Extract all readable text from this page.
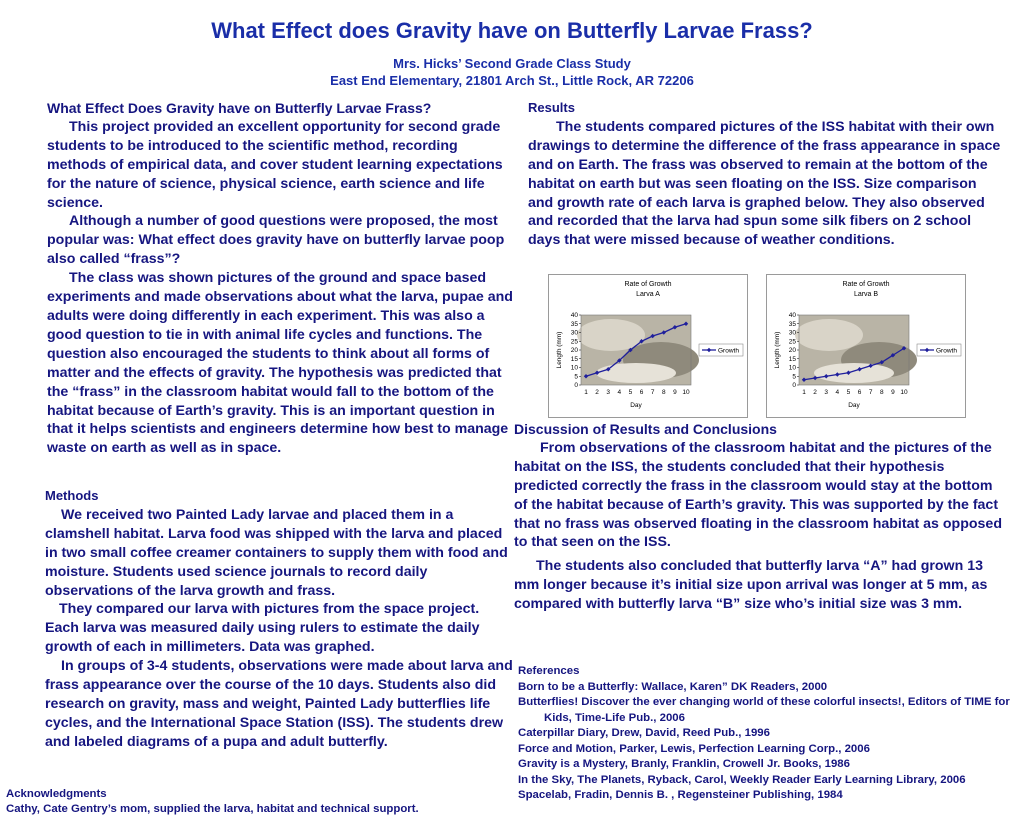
What Effect does Gravity have on Butterfly Larvae Frass?
Mrs. Hicks’ Second Grade Class Study
East End Elementary, 21801 Arch St., Little Rock, AR 72206

What Effect Does Gravity have on Butterfly Larvae Frass?

This project provided an excellent opportunity for second grade students to be introduced to the scientific method, recording methods of empirical data, and cover student learning expectations for the nature of science, physical science, earth science and life science.

Although a number of good questions were proposed, the most popular was: What effect does gravity have on butterfly larvae poop also called “frass”?

The class was shown pictures of the ground and space based experiments and made observations about what the larva, pupae and adults were doing differently in each experiment. This was also a good question to tie in with animal life cycles and functions. The question also encouraged the students to think about all forms of matter and the effects of gravity. The hypothesis was predicted that the “frass” in the classroom habitat would fall to the bottom of the habitat because of Earth’s gravity. This is an important question in that it helps scientists and engineers determine how best to manage waste on earth as well as in space.

Methods

We received two Painted Lady larvae and placed them in a clamshell habitat. Larva food was shipped with the larva and placed in two small coffee creamer containers to supply them with food and moisture. Students used science journals to record daily observations of the larva growth and frass.

They compared our larva with pictures from the space project. Each larva was measured daily using rulers to estimate the daily growth of each in millimeters. Data was graphed.

In groups of 3-4 students, observations were made about larva and frass appearance over the course of the 10 days. Students also did research on gravity, mass and weight, Painted Lady butterflies life cycles, and the International Space Station (ISS). The students drew and labeled diagrams of a pupa and adult butterfly.

Acknowledgments
Cathy, Cate Gentry’s mom, supplied the larva, habitat and technical support.

Results

The students compared pictures of the ISS habitat with their own drawings to determine the difference of the frass appearance in space and on Earth. The frass was observed to remain at the bottom of the habitat on earth but was seen floating on the ISS. Size comparison and growth rate of each larva is graphed below. They also observed and recorded that the larva had spun some silk fibers on 2 school days that were missed because of weather conditions.

Rate of Growth
Larva A
0
5
10
15
20
25
30
35
40
1 2 3 4 5 6 7 8 9 10
Day
Length (mm)	Growth
Rate of Growth
Larva B
0
5
10
15
20
25
30
35
40
1 2 3 4 5 6 7 8 9 10
Day
Length (mm)	Growth

Discussion of Results and Conclusions

From observations of the classroom habitat and the pictures of the habitat on the ISS, the students concluded that their hypothesis predicted correctly the frass in the classroom would stay at the bottom of the habitat because of Earth’s gravity. This was supported by the fact that no frass was observed floating in the classroom habitat as opposed to that seen on the ISS.

The students also concluded that butterfly larva “A” had grown 13 mm longer because it’s initial size upon arrival was longer at 5 mm, as compared with butterfly larva “B” size who’s initial size was 3 mm.

References
Born to be a Butterfly: Wallace, Karen” DK Readers, 2000
Butterflies! Discover the ever changing world of these colorful insects!, Editors of TIME for Kids, Time-Life Pub., 2006
Caterpillar Diary, Drew, David, Reed Pub., 1996
Force and Motion, Parker, Lewis, Perfection Learning Corp., 2006
Gravity is a Mystery, Branly, Franklin, Crowell Jr. Books, 1986
In the Sky, The Planets, Ryback, Carol, Weekly Reader Early Learning Library, 2006
Spacelab, Fradin, Dennis B. , Regensteiner Publishing, 1984
